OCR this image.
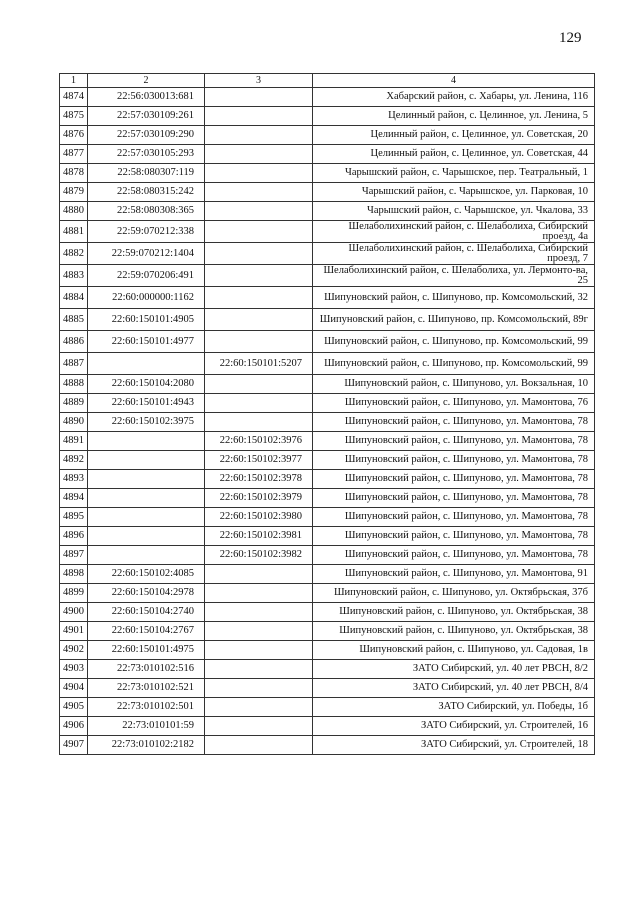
129
1	2	3	4
4874	22:56:030013:681		Хабарский район, с. Хабары, ул. Ленина, 116
4875	22:57:030109:261		Целинный район, с. Целинное, ул. Ленина, 5
4876	22:57:030109:290		Целинный район, с. Целинное, ул. Советская, 20
4877	22:57:030105:293		Целинный район, с. Целинное, ул. Советская, 44
4878	22:58:080307:119		Чарышский район, с. Чарышское, пер. Театральный, 1
4879	22:58:080315:242		Чарышский район, с. Чарышское, ул. Парковая, 10
4880	22:58:080308:365		Чарышский район, с. Чарышское, ул. Чкалова, 33
4881	22:59:070212:338		Шелаболихинский район, с. Шелаболиха, Сибирский проезд, 4а
4882	22:59:070212:1404		Шелаболихинский район, с. Шелаболиха, Сибирский проезд, 7
4883	22:59:070206:491		Шелаболихинский район, с. Шелаболиха, ул. Лермонто-ва, 25
4884	22:60:000000:1162		Шипуновский район, с. Шипуново, пр. Комсомольский, 32
4885	22:60:150101:4905		Шипуновский район, с. Шипуново, пр. Комсомольский, 89г
4886	22:60:150101:4977		Шипуновский район, с. Шипуново, пр. Комсомольский, 99
4887		22:60:150101:5207	Шипуновский район, с. Шипуново, пр. Комсомольский, 99
4888	22:60:150104:2080		Шипуновский район, с. Шипуново, ул. Вокзальная, 10
4889	22:60:150101:4943		Шипуновский район, с. Шипуново, ул. Мамонтова, 76
4890	22:60:150102:3975		Шипуновский район, с. Шипуново, ул. Мамонтова, 78
4891		22:60:150102:3976	Шипуновский район, с. Шипуново, ул. Мамонтова, 78
4892		22:60:150102:3977	Шипуновский район, с. Шипуново, ул. Мамонтова, 78
4893		22:60:150102:3978	Шипуновский район, с. Шипуново, ул. Мамонтова, 78
4894		22:60:150102:3979	Шипуновский район, с. Шипуново, ул. Мамонтова, 78
4895		22:60:150102:3980	Шипуновский район, с. Шипуново, ул. Мамонтова, 78
4896		22:60:150102:3981	Шипуновский район, с. Шипуново, ул. Мамонтова, 78
4897		22:60:150102:3982	Шипуновский район, с. Шипуново, ул. Мамонтова, 78
4898	22:60:150102:4085		Шипуновский район, с. Шипуново, ул. Мамонтова, 91
4899	22:60:150104:2978		Шипуновский район, с. Шипуново, ул. Октябрьская, 37б
4900	22:60:150104:2740		Шипуновский район, с. Шипуново, ул. Октябрьская, 38
4901	22:60:150104:2767		Шипуновский район, с. Шипуново, ул. Октябрьская, 38
4902	22:60:150101:4975		Шипуновский район, с. Шипуново, ул. Садовая, 1в
4903	22:73:010102:516		ЗАТО Сибирский, ул. 40 лет РВСН, 8/2
4904	22:73:010102:521		ЗАТО Сибирский, ул. 40 лет РВСН, 8/4
4905	22:73:010102:501		ЗАТО Сибирский, ул. Победы, 1б
4906	22:73:010101:59		ЗАТО Сибирский, ул. Строителей, 16
4907	22:73:010102:2182		ЗАТО Сибирский, ул. Строителей, 18
